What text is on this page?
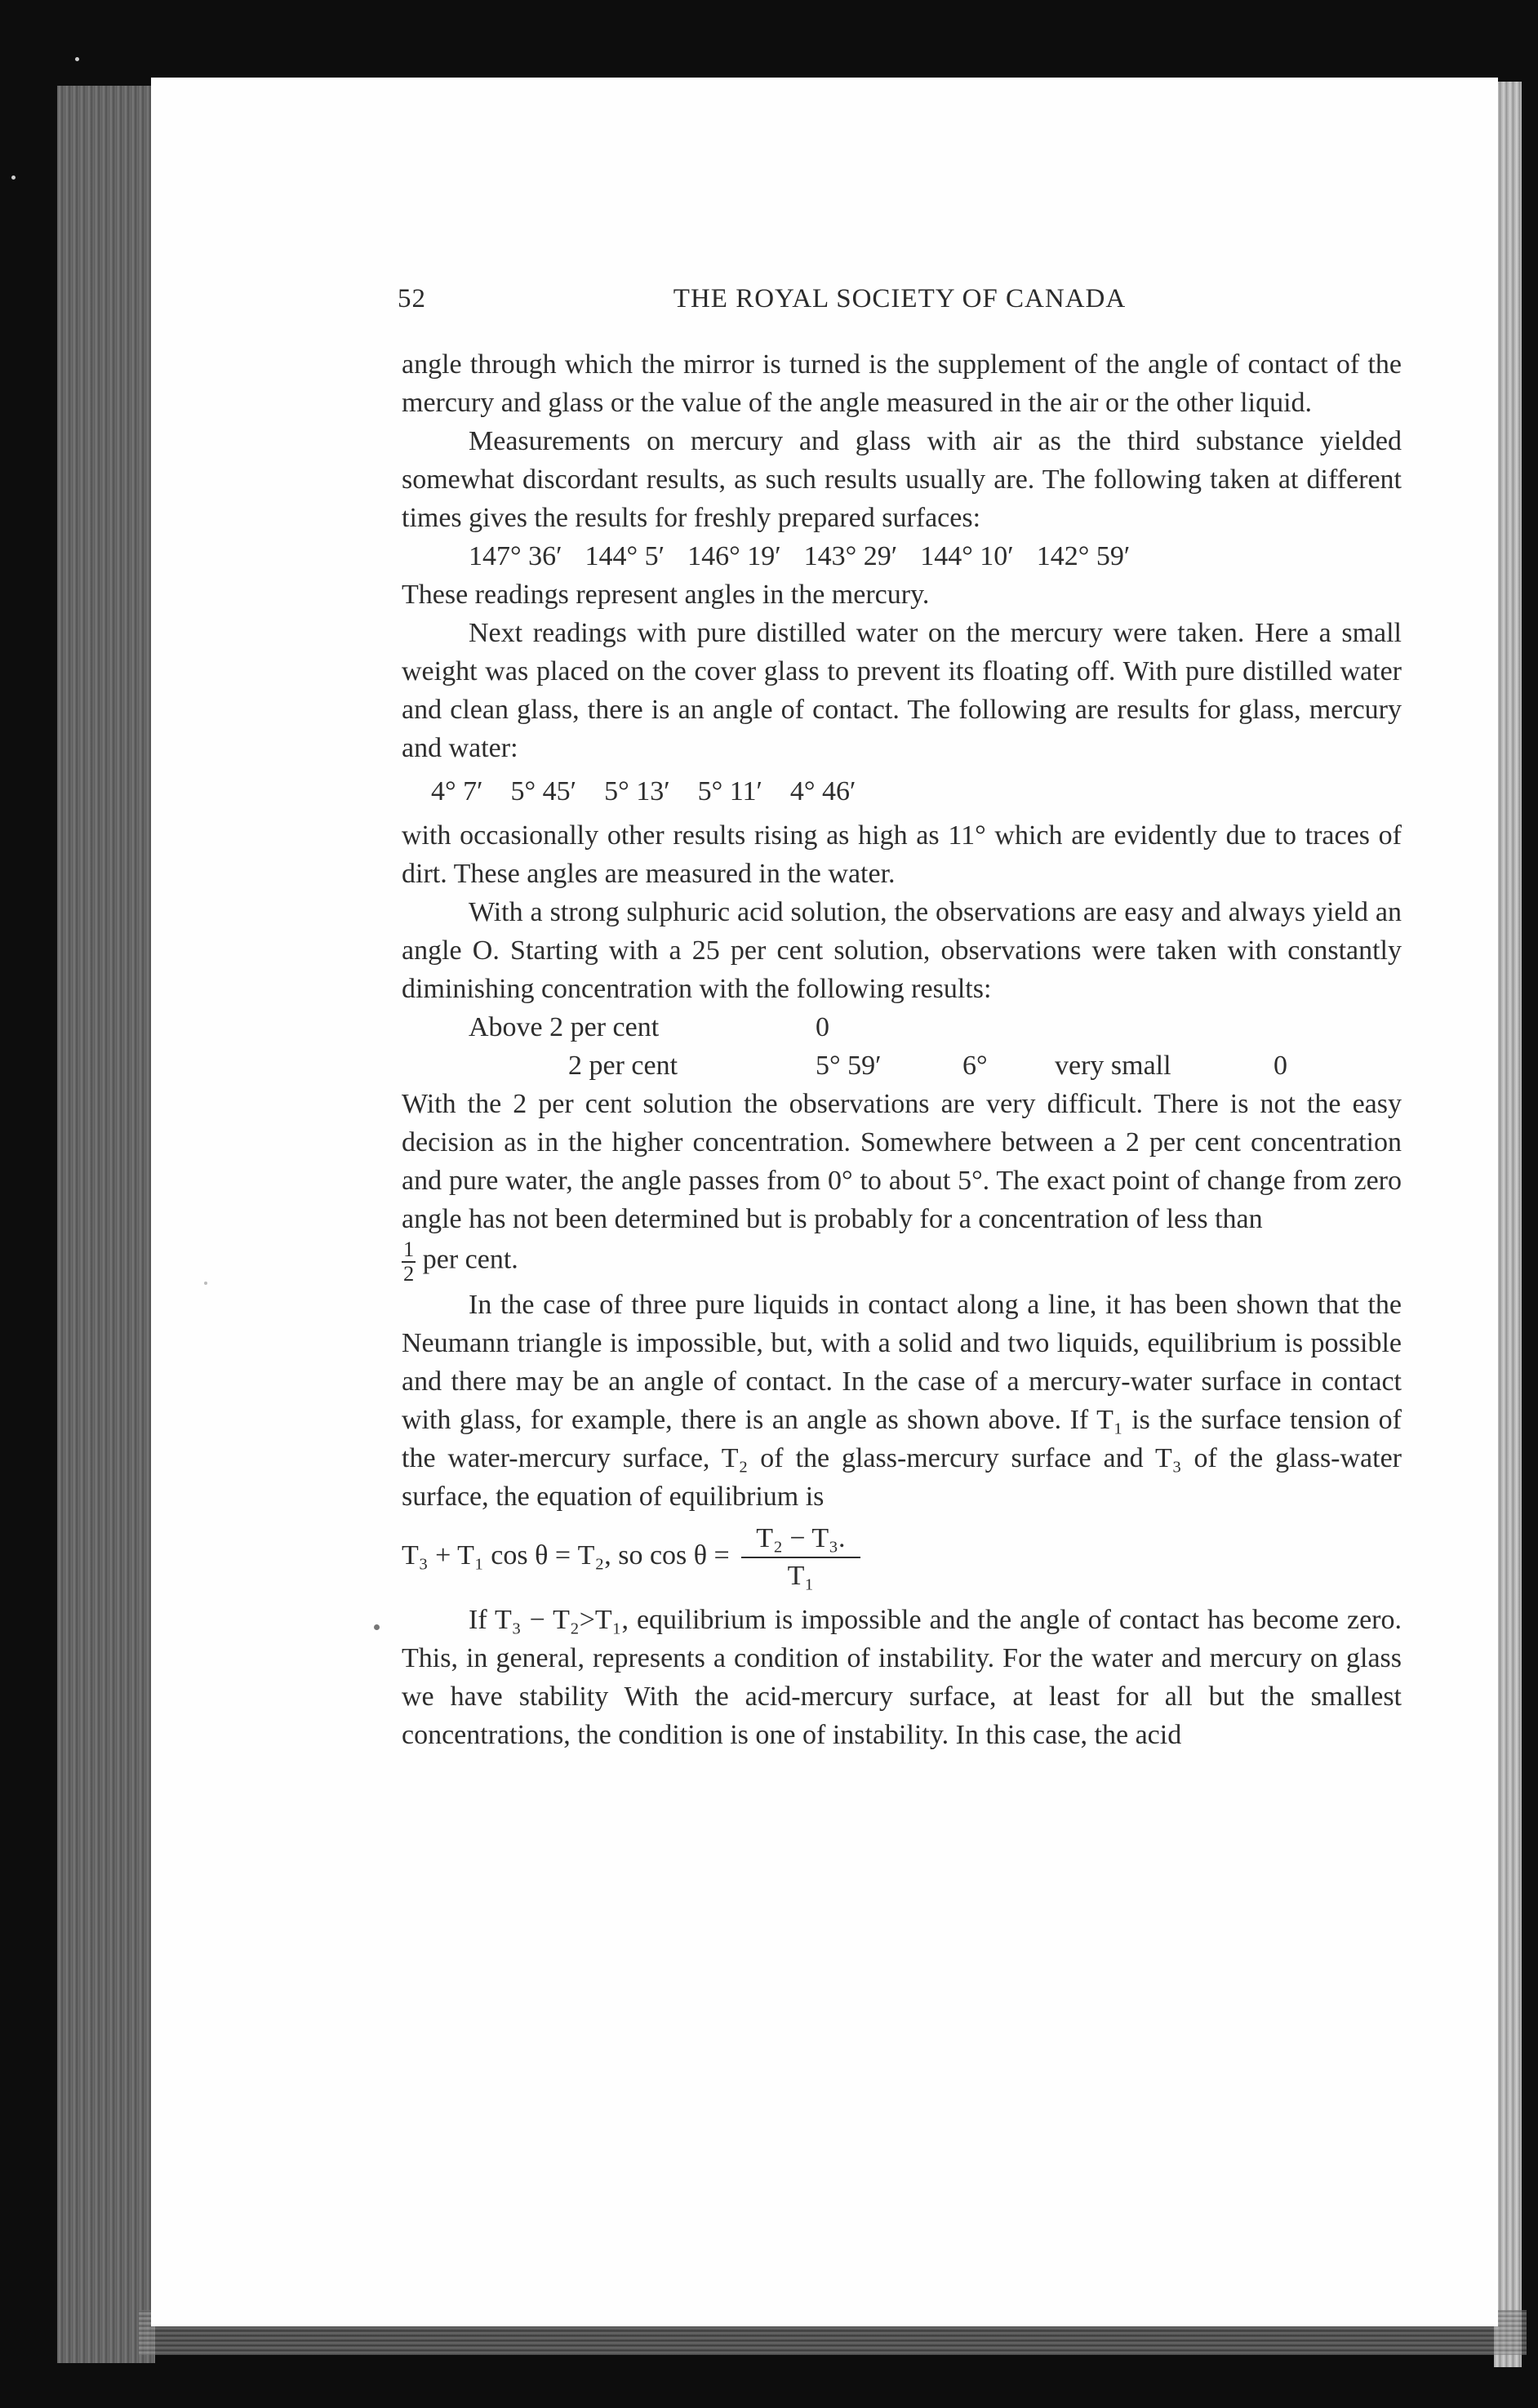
52	THE ROYAL SOCIETY OF CANADA

angle through which the mirror is turned is the supplement of the angle of contact of the mercury and glass or the value of the angle measured in the air or the other liquid.

Measurements on mercury and glass with air as the third substance yielded somewhat discordant results, as such results usually are. The following taken at different times gives the results for freshly prepared surfaces:

147° 36′ 144° 5′ 146° 19′ 143° 29′ 144° 10′ 142° 59′

These readings represent angles in the mercury.

Next readings with pure distilled water on the mercury were taken. Here a small weight was placed on the cover glass to prevent its floating off. With pure distilled water and clean glass, there is an angle of contact. The following are results for glass, mercury and water:

4° 7′ 5° 45′ 5° 13′ 5° 11′ 4° 46′

with occasionally other results rising as high as 11° which are evidently due to traces of dirt. These angles are measured in the water.

With a strong sulphuric acid solution, the observations are easy and always yield an angle O. Starting with a 25 per cent solution, observations were taken with constantly diminishing concentration with the following results:

Above 2 per cent	0
2 per cent	5° 59′	6° very small	0

With the 2 per cent solution the observations are very difficult. There is not the easy decision as in the higher concentration. Somewhere between a 2 per cent concentration and pure water, the angle passes from 0° to about 5°. The exact point of change from zero angle has not been determined but is probably for a concentration of less than

$\frac{1}{2}$ per cent.

In the case of three pure liquids in contact along a line, it has been shown that the Neumann triangle is impossible, but, with a solid and two liquids, equilibrium is possible and there may be an angle of contact. In the case of a mercury-water surface in contact with glass, for example, there is an angle as shown above. If T₁ is the surface tension of the water-mercury surface, T₂ of the glass-mercury surface and T₃ of the glass-water surface, the equation of equilibrium is

T₃ + T₁ cos θ = T₂, so $\cos \theta = \frac{\text{T₂ − T₃.}}{\text{T₁}}$

If T₃ − T₂>T₁, equilibrium is impossible and the angle of contact has become zero. This, in general, represents a condition of instability. For the water and mercury on glass we have stability With the acid-mercury surface, at least for all but the smallest concentrations, the condition is one of instability. In this case, the acid
